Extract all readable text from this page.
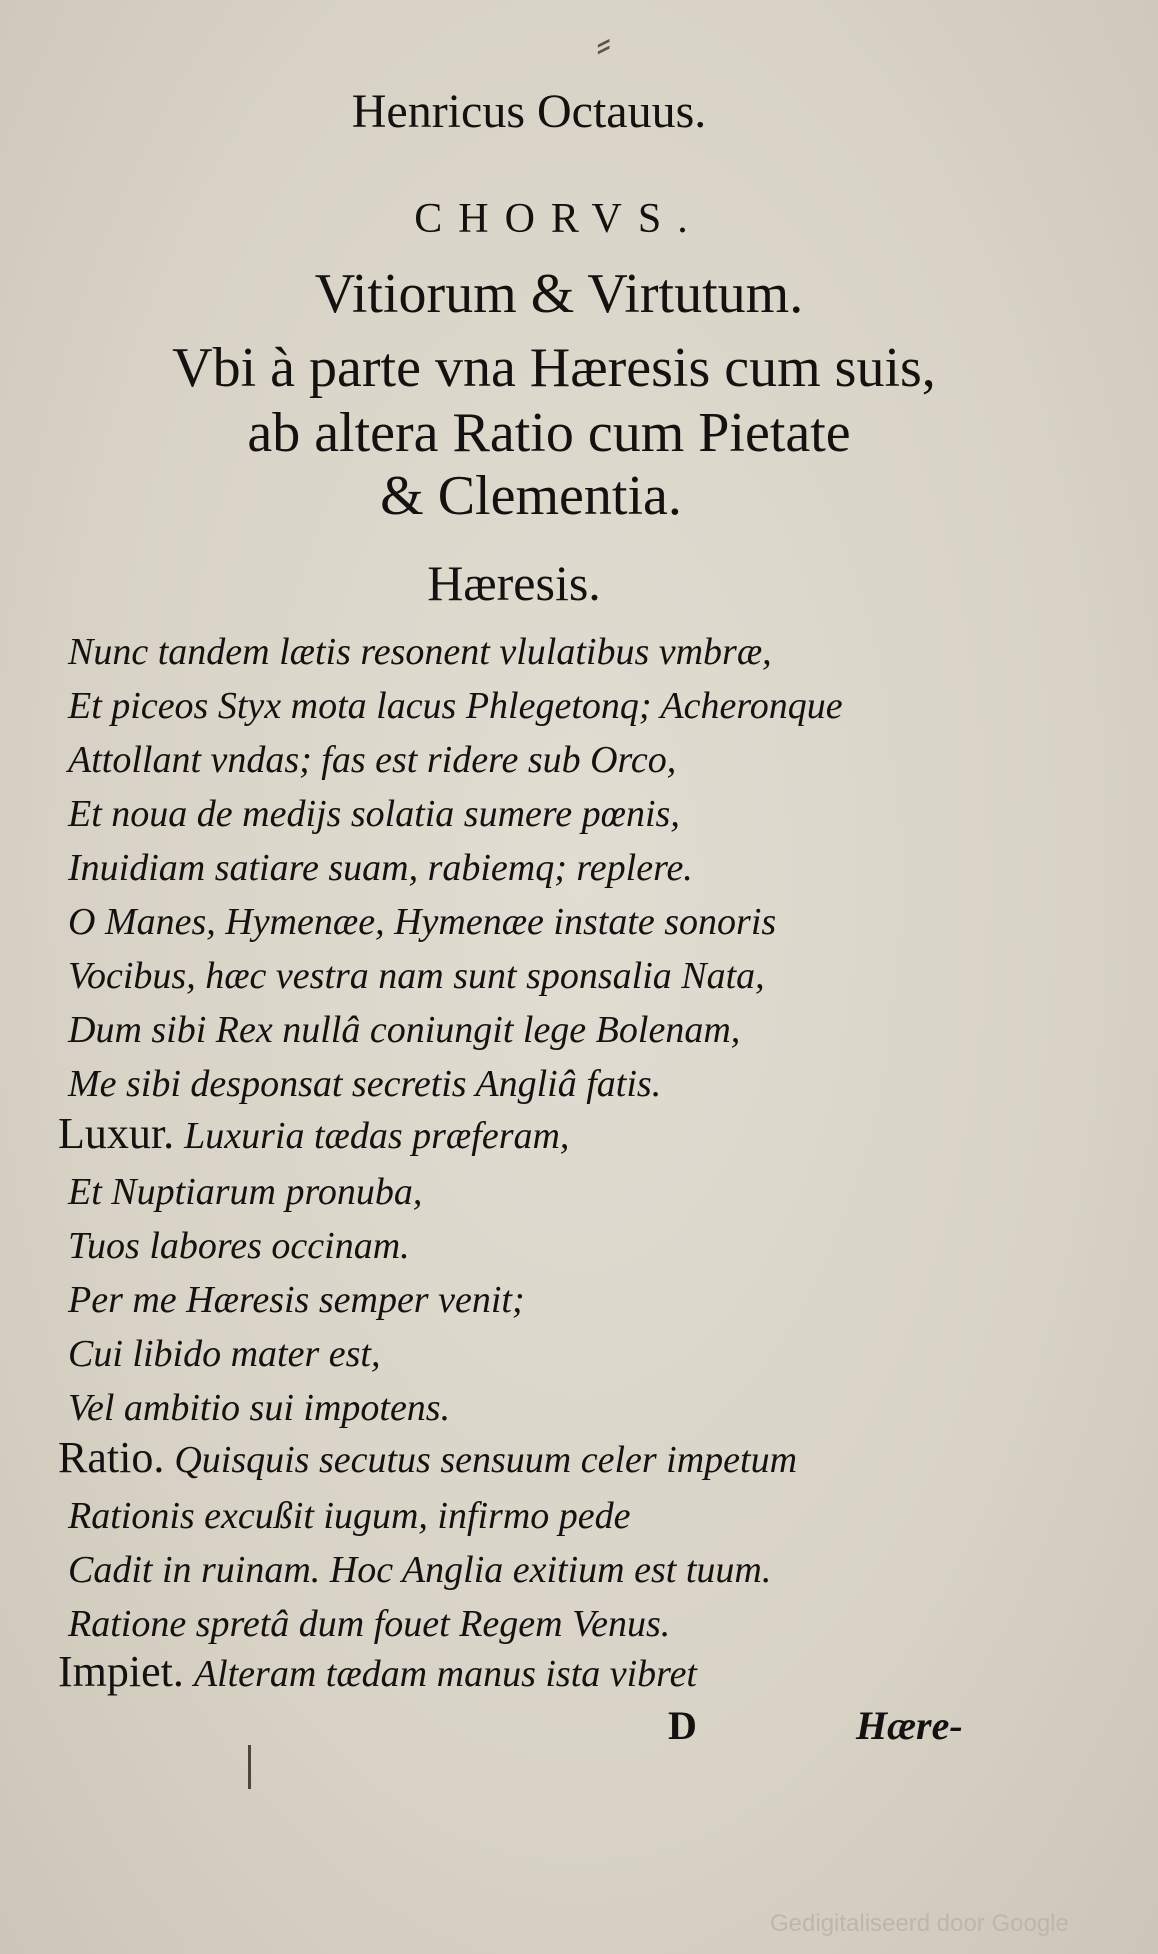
⸗
Henricus Octauus.
CHORVS.
Vitiorum & Virtutum.
Vbi à parte vna Hæresis cum suis,
ab altera Ratio cum Pietate
& Clementia.
Hæresis.
Nunc tandem lætis resonent vlulatibus vmbræ,
Et piceos Styx mota lacus Phlegetonq; Acheronque
Attollant vndas; fas est ridere sub Orco,
Et noua de medijs solatia sumere pœnis,
Inuidiam satiare suam, rabiemq; replere.
O Manes, Hymenæe, Hymenæe instate sonoris
Vocibus, hæc vestra nam sunt sponsalia Nata,
Dum sibi Rex nullâ coniungit lege Bolenam,
Me sibi desponsat secretis Angliâ fatis.
Luxur. Luxuria tædas præferam,
Et Nuptiarum pronuba,
Tuos labores occinam.
Per me Hæresis semper venit;
Cui libido mater est,
Vel ambitio sui impotens.
Ratio. Quisquis secutus sensuum celer impetum
Rationis excußit iugum, infirmo pede
Cadit in ruinam. Hoc Anglia exitium est tuum.
Ratione spretâ dum fouet Regem Venus.
Impiet. Alteram tædam manus ista vibret
D	Hære-
Gedigitaliseerd door Google
